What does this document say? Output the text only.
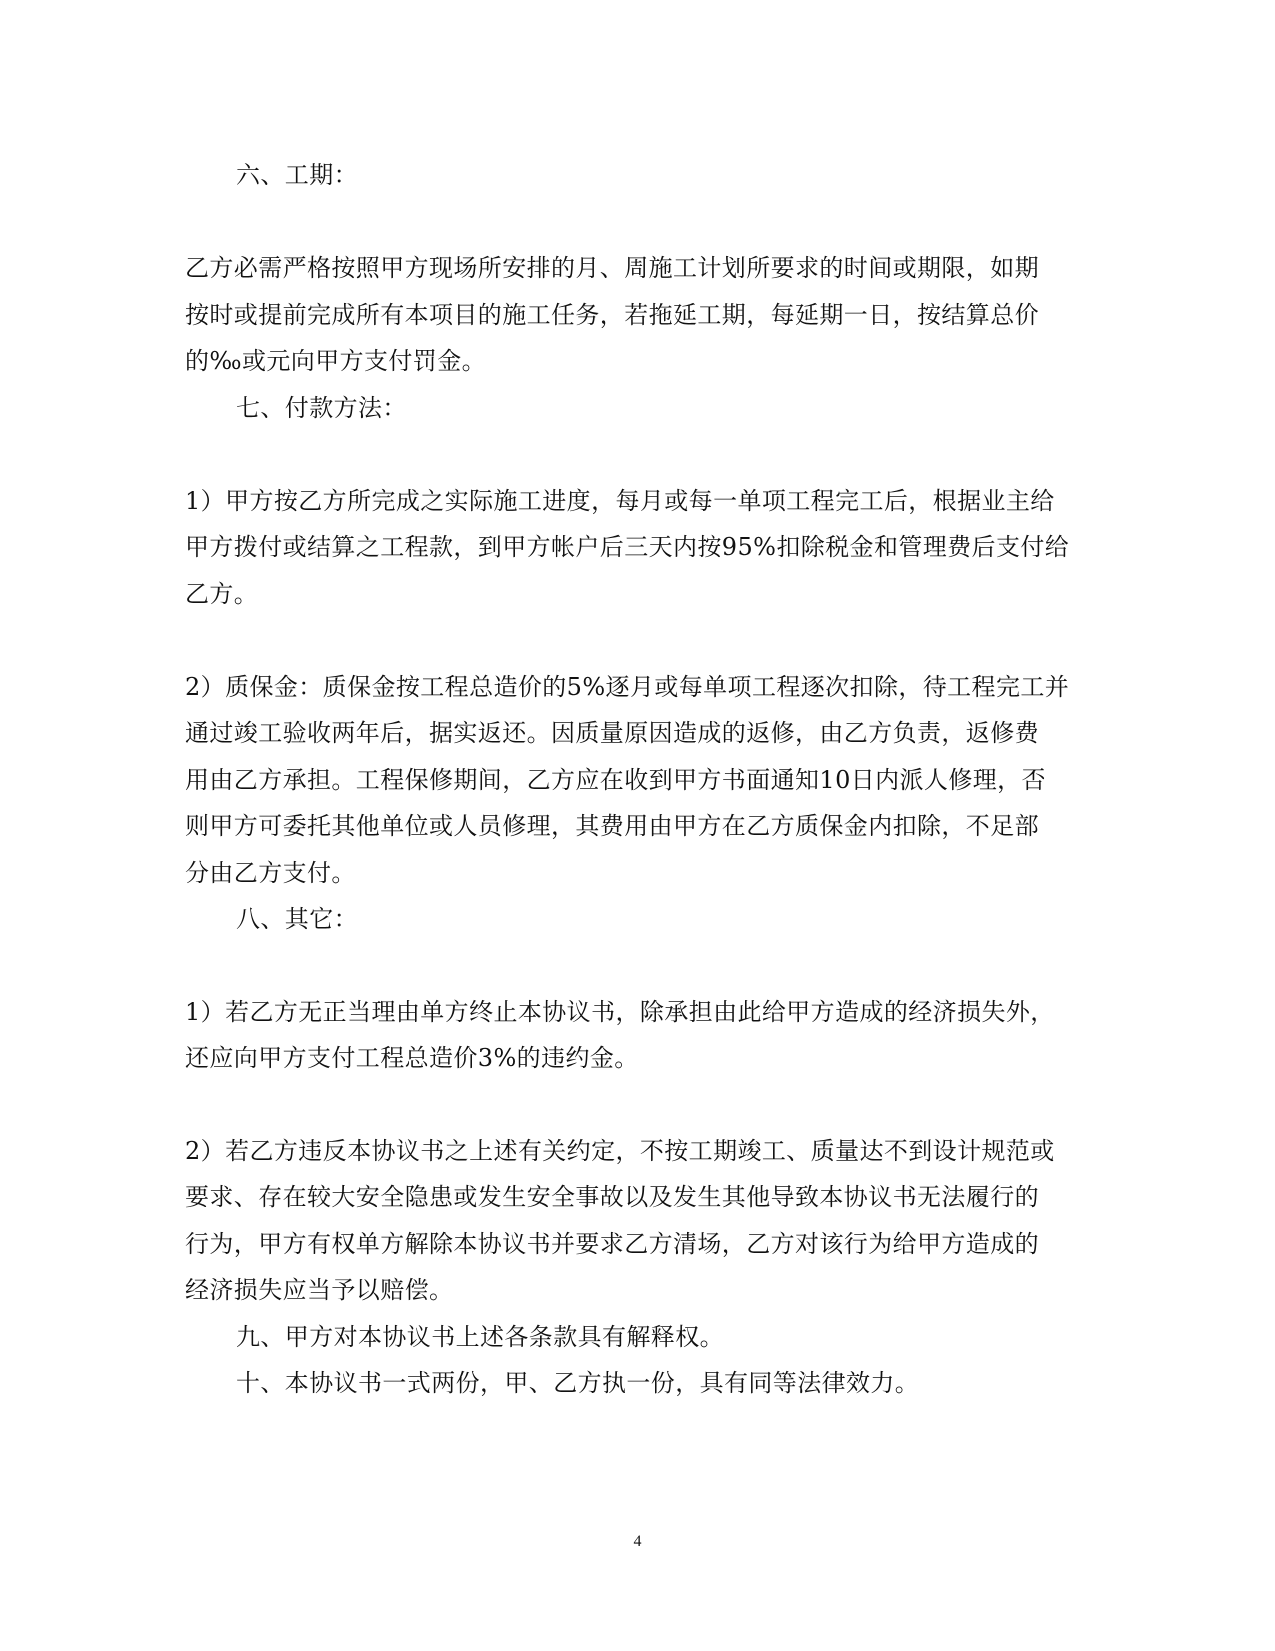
六、工期：
乙方必需严格按照甲方现场所安排的月、周施工计划所要求的时间或期限，如期
按时或提前完成所有本项目的施工任务，若拖延工期，每延期一日，按结算总价
的‰或元向甲方支付罚金。
七、付款方法：
1）甲方按乙方所完成之实际施工进度，每月或每一单项工程完工后，根据业主给
甲方拨付或结算之工程款，到甲方帐户后三天内按95%扣除税金和管理费后支付给
乙方。
2）质保金：质保金按工程总造价的5%逐月或每单项工程逐次扣除，待工程完工并
通过竣工验收两年后，据实返还。因质量原因造成的返修，由乙方负责，返修费
用由乙方承担。工程保修期间，乙方应在收到甲方书面通知10日内派人修理，否
则甲方可委托其他单位或人员修理，其费用由甲方在乙方质保金内扣除，不足部
分由乙方支付。
八、其它：
1）若乙方无正当理由单方终止本协议书，除承担由此给甲方造成的经济损失外，
还应向甲方支付工程总造价3%的违约金。
2）若乙方违反本协议书之上述有关约定，不按工期竣工、质量达不到设计规范或
要求、存在较大安全隐患或发生安全事故以及发生其他导致本协议书无法履行的
行为，甲方有权单方解除本协议书并要求乙方清场，乙方对该行为给甲方造成的
经济损失应当予以赔偿。
九、甲方对本协议书上述各条款具有解释权。
十、本协议书一式两份，甲、乙方执一份，具有同等法律效力。
4
